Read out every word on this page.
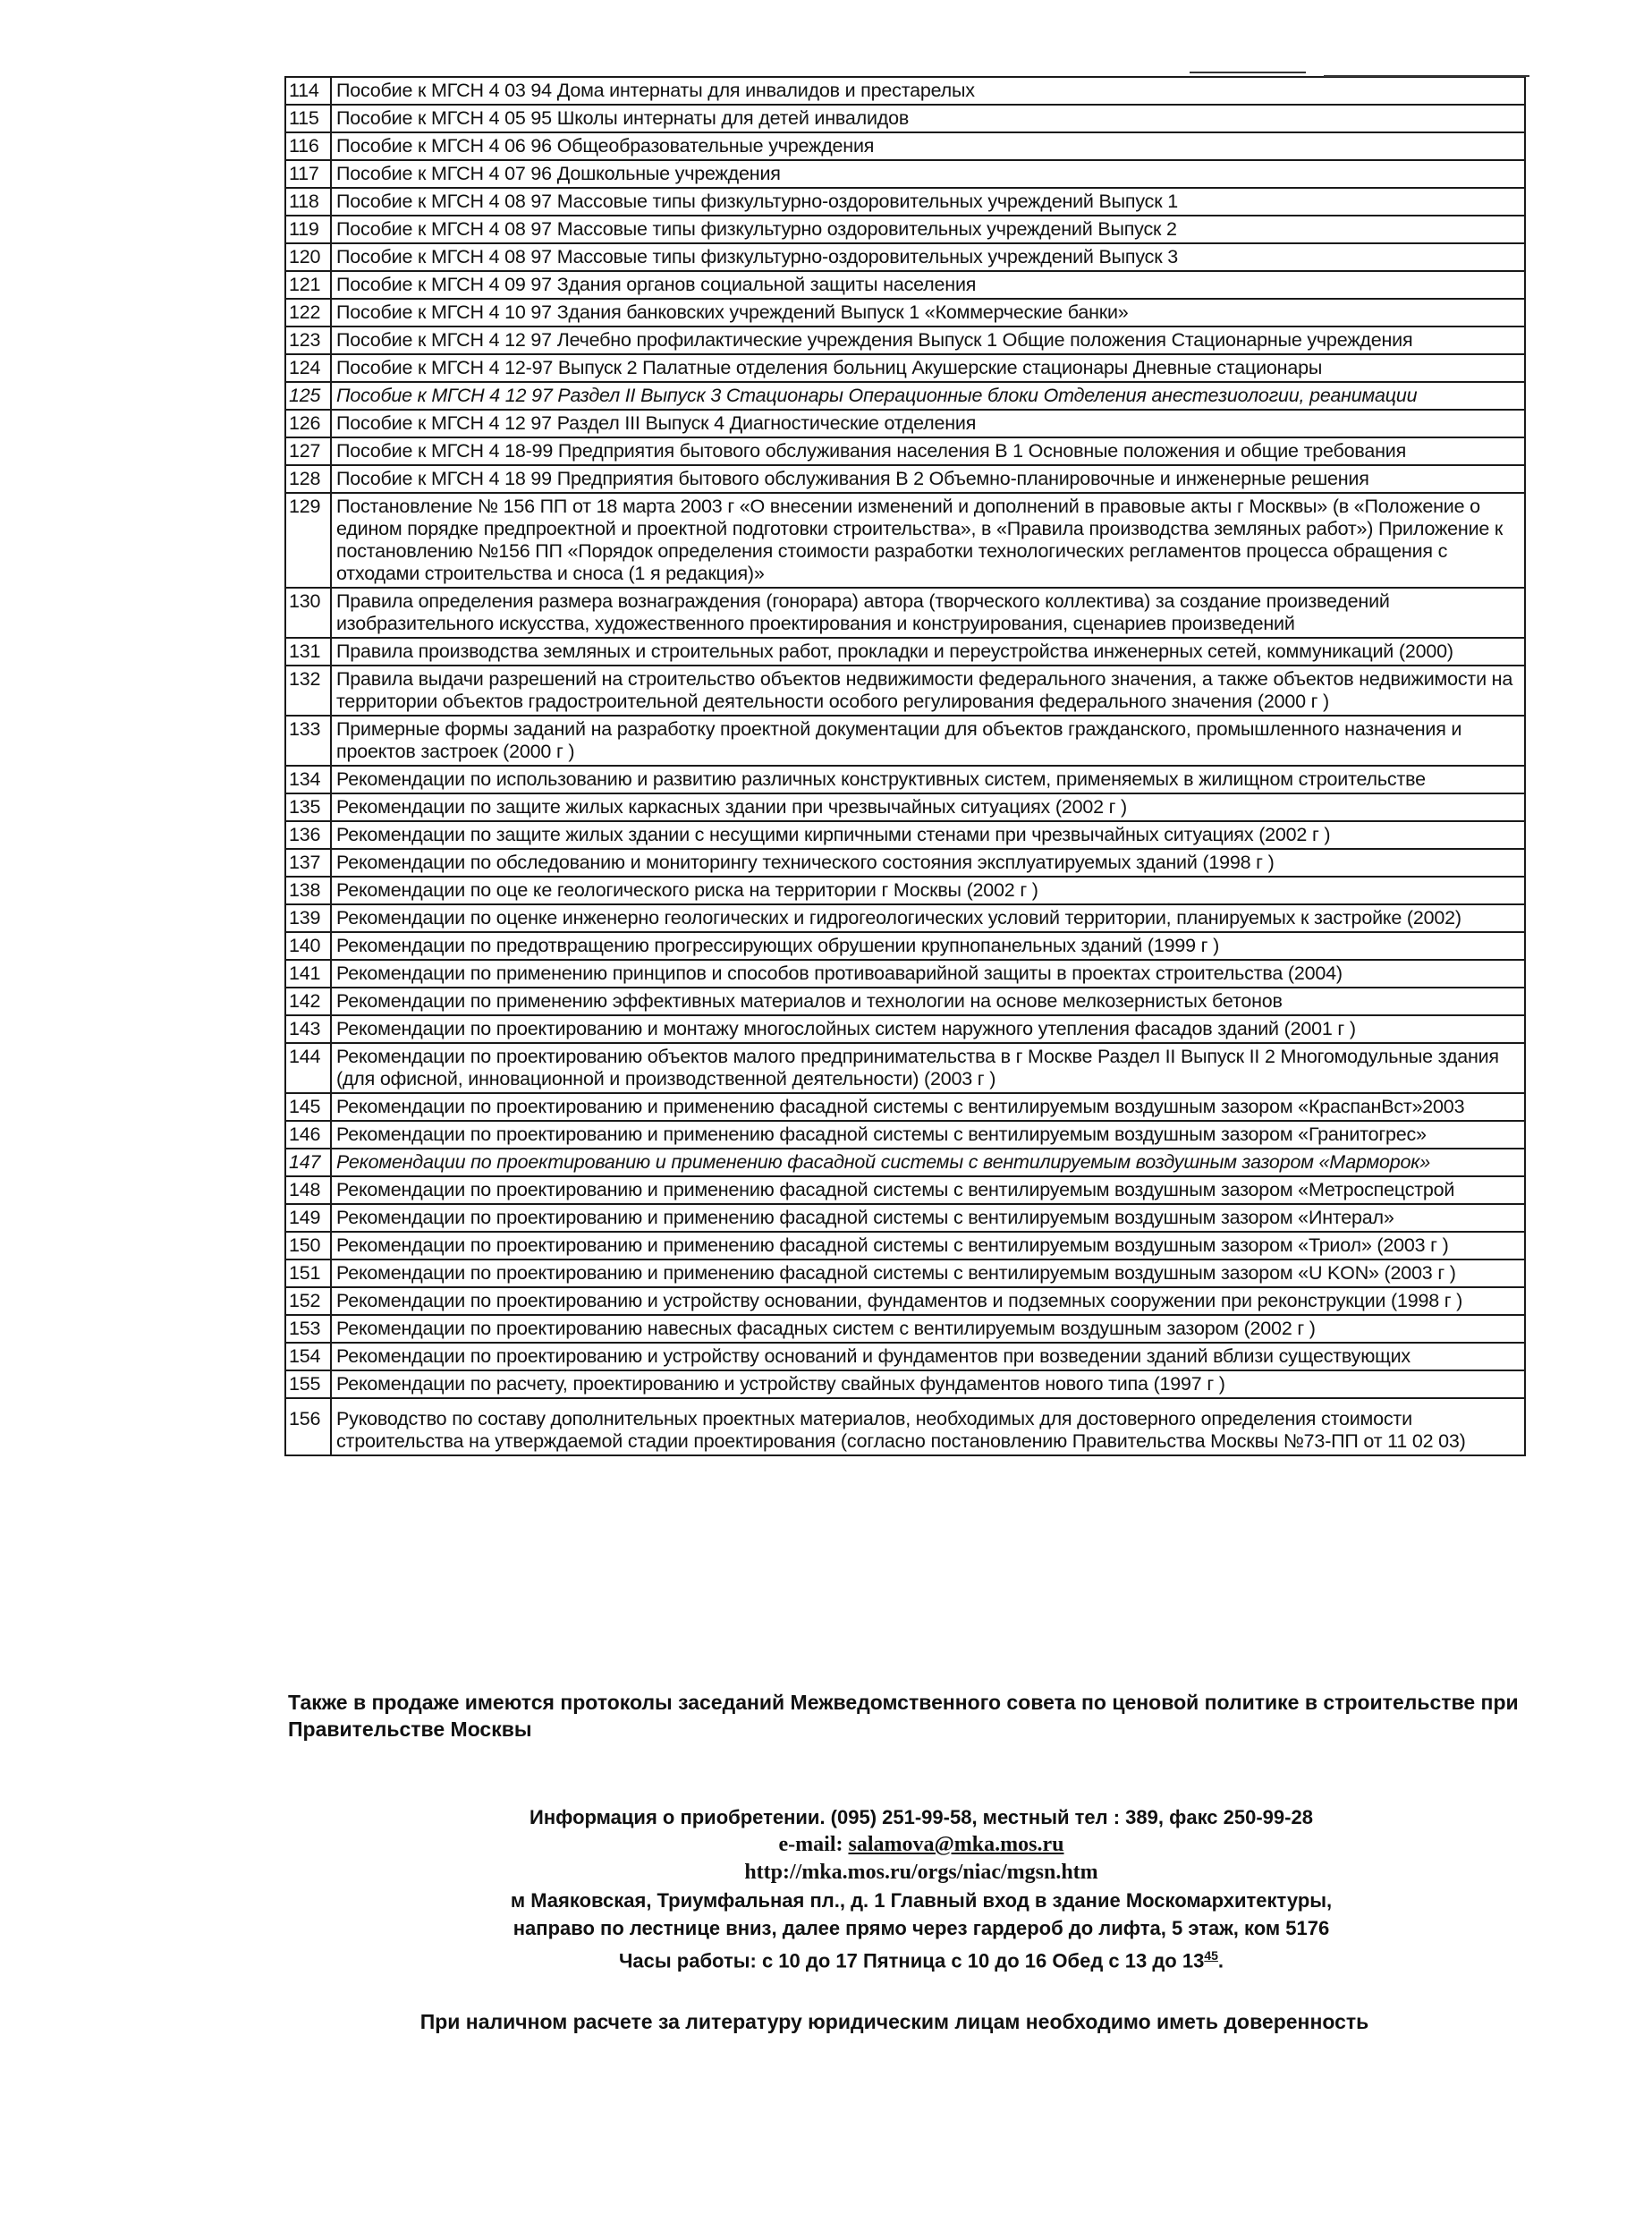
114	Пособие к МГСН 4 03 94 Дома интернаты для инвалидов и престарелых
115	Пособие к МГСН 4 05 95 Школы интернаты для детей инвалидов
116	Пособие к МГСН 4 06 96 Общеобразовательные учреждения
117	Пособие к МГСН 4 07 96 Дошкольные учреждения
118	Пособие к МГСН 4 08 97 Массовые типы физкультурно-оздоровительных учреждений Выпуск 1
119	Пособие к МГСН 4 08 97 Массовые типы физкультурно оздоровительных учреждений Выпуск 2
120	Пособие к МГСН 4 08 97 Массовые типы физкультурно-оздоровительных учреждений Выпуск 3
121	Пособие к МГСН 4 09 97 Здания органов социальной защиты населения
122	Пособие к МГСН 4 10 97 Здания банковских учреждений Выпуск 1 «Коммерческие банки»
123	Пособие к МГСН 4 12 97 Лечебно профилактические учреждения Выпуск 1 Общие положения Стационарные учреждения
124	Пособие к МГСН 4 12-97 Выпуск 2 Палатные отделения больниц Акушерские стационары Дневные стационары
125	Пособие к МГСН 4 12 97 Раздел II Выпуск 3 Стационары Операционные блоки Отделения анестезиологии, реанимации
126	Пособие к МГСН 4 12 97 Раздел III Выпуск 4 Диагностические отделения
127	Пособие к МГСН 4 18-99 Предприятия бытового обслуживания населения В 1 Основные положения и общие требования
128	Пособие к МГСН 4 18 99 Предприятия бытового обслуживания В 2 Объемно-планировочные и инженерные решения
129	Постановление № 156 ПП от 18 марта 2003 г «О внесении изменений и дополнений в правовые акты г Москвы» (в «Положение о едином порядке предпроектной и проектной подготовки строительства», в «Правила производства земляных работ») Приложение к постановлению №156 ПП «Порядок определения стоимости разработки технологических регламентов процесса обращения с отходами строительства и сноса (1 я редакция)»
130	Правила определения размера вознаграждения (гонорара) автора (творческого коллектива) за создание произведений изобразительного искусства, художественного проектирования и конструирования, сценариев произведений
131	Правила производства земляных и строительных работ, прокладки и переустройства инженерных сетей, коммуникаций (2000)
132	Правила выдачи разрешений на строительство объектов недвижимости федерального значения, а также объектов недвижимости на территории объектов градостроительной деятельности особого регулирования федерального значения (2000 г )
133	Примерные формы заданий на разработку проектной документации для объектов гражданского, промышленного назначения и проектов застроек (2000 г )
134	Рекомендации по использованию и развитию различных конструктивных систем, применяемых в жилищном строительстве
135	Рекомендации по защите жилых каркасных здании при чрезвычайных ситуациях (2002 г )
136	Рекомендации по защите жилых здании с несущими кирпичными стенами при чрезвычайных ситуациях (2002 г )
137	Рекомендации по обследованию и мониторингу технического состояния эксплуатируемых зданий (1998 г )
138	Рекомендации по оце ке геологического риска на территории г Москвы (2002 г )
139	Рекомендации по оценке инженерно геологических и гидрогеологических условий территории, планируемых к застройке (2002)
140	Рекомендации по предотвращению прогрессирующих обрушении крупнопанельных зданий (1999 г )
141	Рекомендации по применению принципов и способов противоаварийной защиты в проектах строительства (2004)
142	Рекомендации по применению эффективных материалов и технологии на основе мелкозернистых бетонов
143	Рекомендации по проектированию и монтажу многослойных систем наружного утепления фасадов зданий (2001 г )
144	Рекомендации по проектированию объектов малого предпринимательства в г Москве Раздел II Выпуск II 2 Многомодульные здания (для офисной, инновационной и производственной деятельности) (2003 г )
145	Рекомендации по проектированию и применению фасадной системы с вентилируемым воздушным зазором «КраспанВст»2003
146	Рекомендации по проектированию и применению фасадной системы с вентилируемым воздушным зазором «Гранитогрес»
147	Рекомендации по проектированию и применению фасадной системы с вентилируемым воздушным зазором «Марморок»
148	Рекомендации по проектированию и применению фасадной системы с вентилируемым воздушным зазором «Метроспецстрой
149	Рекомендации по проектированию и применению фасадной системы с вентилируемым воздушным зазором «Интерал»
150	Рекомендации по проектированию и применению фасадной системы с вентилируемым воздушным зазором «Триол» (2003 г )
151	Рекомендации по проектированию и применению фасадной системы с вентилируемым воздушным зазором «U KON» (2003 г )
152	Рекомендации по проектированию и устройству основании, фундаментов и подземных сооружении при реконструкции (1998 г )
153	Рекомендации по проектированию навесных фасадных систем с вентилируемым воздушным зазором (2002 г )
154	Рекомендации по проектированию и устройству оснований и фундаментов при возведении зданий вблизи существующих
155	Рекомендации по расчету, проектированию и устройству свайных фундаментов нового типа (1997 г )
156	Руководство по составу дополнительных проектных материалов, необходимых для достоверного определения стоимости строительства на утверждаемой стадии проектирования (согласно постановлению Правительства Москвы №73-ПП от 11 02 03)
Также в продаже имеются протоколы заседаний Межведомственного совета по ценовой политике в строительстве при Правительстве Москвы
Информация о приобретении. (095) 251-99-58, местный тел : 389, факс 250-99-28
e-mail: salamova@mka.mos.ru
http://mka.mos.ru/orgs/niac/mgsn.htm
м Маяковская, Триумфальная пл., д. 1 Главный вход в здание Москомархитектуры,
направо по лестнице вниз, далее прямо через гардероб до лифта, 5 этаж, ком 5176
Часы работы: с 10 до 17 Пятница с 10 до 16 Обед с 13 до $13^{45}$.
При наличном расчете за литературу юридическим лицам необходимо иметь доверенность
